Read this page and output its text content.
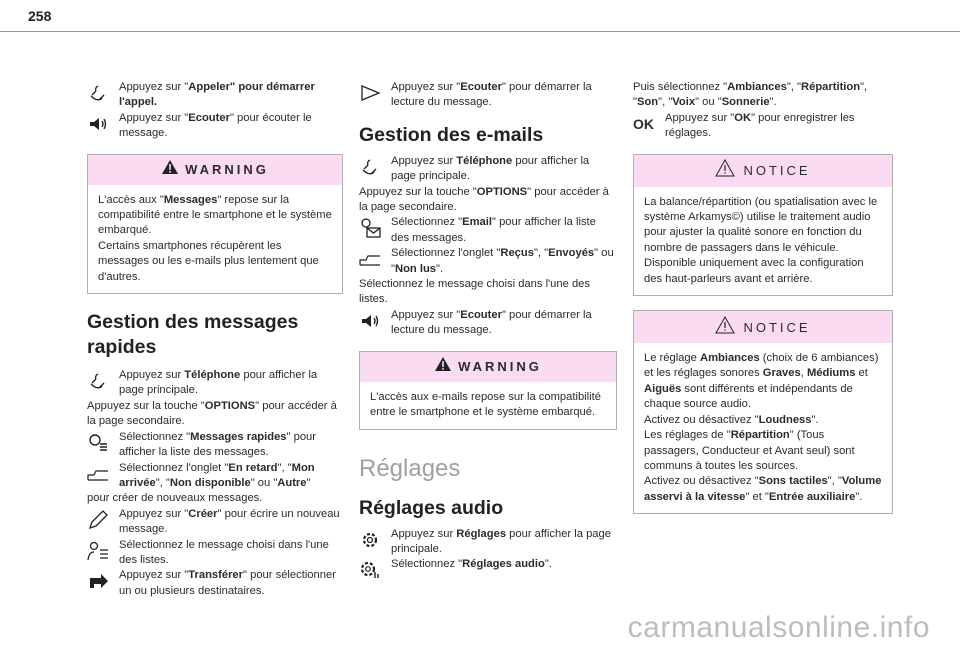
258
Appuyez sur "Appeler" pour démarrer l'appel.
Appuyez sur "Ecouter" pour écouter le message.
WARNING
L'accès aux "Messages" repose sur la compatibilité entre le smartphone et le système embarqué.
Certains smartphones récupèrent les messages ou les e-mails plus lentement que d'autres.
Gestion des messages rapides
Appuyez sur Téléphone pour afficher la page principale.
Appuyez sur la touche "OPTIONS" pour accéder à la page secondaire.
Sélectionnez "Messages rapides" pour afficher la liste des messages.
Sélectionnez l'onglet "En retard", "Mon arrivée", "Non disponible" ou "Autre"
pour créer de nouveaux messages.
Appuyez sur "Créer" pour écrire un nouveau message.
Sélectionnez le message choisi dans l'une des listes.
Appuyez sur "Transférer" pour sélectionner un ou plusieurs destinataires.
Appuyez sur "Ecouter" pour démarrer la lecture du message.
Gestion des e-mails
Appuyez sur Téléphone pour afficher la page principale.
Appuyez sur la touche "OPTIONS" pour accéder à la page secondaire.
Sélectionnez "Email" pour afficher la liste des messages.
Sélectionnez l'onglet "Reçus", "Envoyés" ou "Non lus".
Sélectionnez le message choisi dans l'une des listes.
Appuyez sur "Ecouter" pour démarrer la lecture du message.
WARNING
L'accès aux e-mails repose sur la compatibilité entre le smartphone et le système embarqué.
Réglages
Réglages audio
Appuyez sur Réglages pour afficher la page principale.
Sélectionnez "Réglages audio".
Puis sélectionnez "Ambiances", "Répartition", "Son", "Voix" ou "Sonnerie".
OK Appuyez sur "OK" pour enregistrer les réglages.
NOTICE
La balance/répartition (ou spatialisation avec le système Arkamys©) utilise le traitement audio pour ajuster la qualité sonore en fonction du nombre de passagers dans le véhicule.
Disponible uniquement avec la configuration des haut-parleurs avant et arrière.
NOTICE
Le réglage Ambiances (choix de 6 ambiances) et les réglages sonores Graves, Médiums et Aiguës sont différents et indépendants de chaque source audio.
Activez ou désactivez "Loudness".
Les réglages de "Répartition" (Tous passagers, Conducteur et Avant seul) sont communs à toutes les sources.
Activez ou désactivez "Sons tactiles", "Volume asservi à la vitesse" et "Entrée auxiliaire".
carmanualsonline.info
